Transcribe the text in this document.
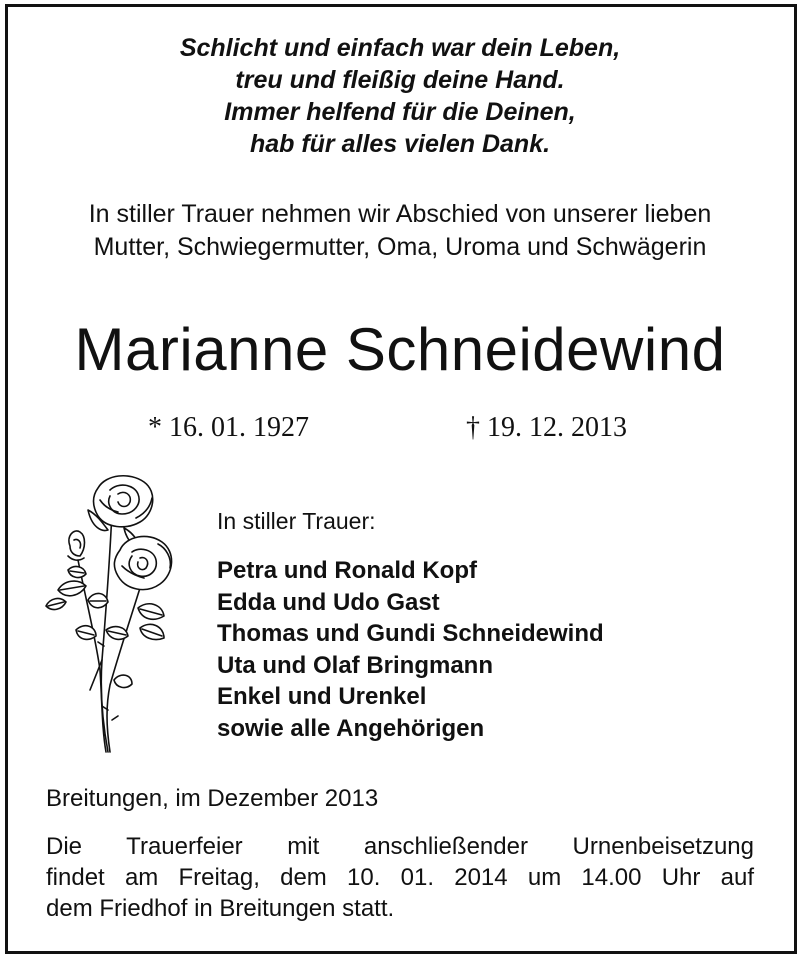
Schlicht und einfach war dein Leben,
treu und fleißig deine Hand.
Immer helfend für die Deinen,
hab für alles vielen Dank.
In stiller Trauer nehmen wir Abschied von unserer lieben
Mutter, Schwiegermutter, Oma, Uroma und Schwägerin
Marianne Schneidewind
* 16. 01. 1927	† 19. 12. 2013
In stiller Trauer:
Petra und Ronald Kopf
Edda und Udo Gast
Thomas und Gundi Schneidewind
Uta und Olaf Bringmann
Enkel und Urenkel
sowie alle Angehörigen
Breitungen, im Dezember 2013
Die Trauerfeier mit anschließender Urnenbeisetzung
findet am Freitag, dem 10. 01. 2014 um 14.00 Uhr auf
dem Friedhof in Breitungen statt.
